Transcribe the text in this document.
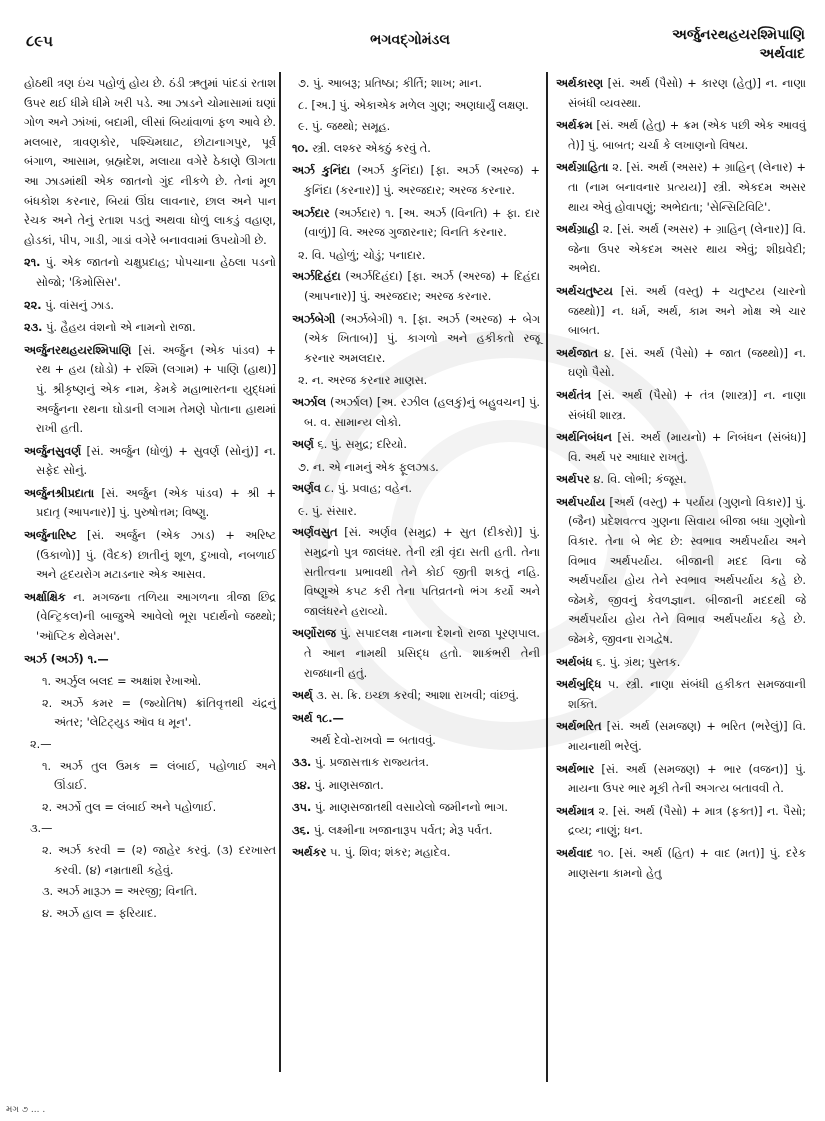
૮૯૫	ભગવદ્ગોમંડલ	અર્જુનરથહયરશ્મિપાણિ
અર્થવાદ
હોઠથી ત્રણ ઇંચ પહોળું હોય છે. ઠંડી ઋતુમાં પાંદડાં રતાશ ઉપર થઈ ધીમે ધીમે ખરી પડે. આ ઝાડને ચોમાસામાં ઘણાં ગોળ અને ઝાંખાં, બદામી, લીસાં બિયાંવાળાં ફળ આવે છે. મલબાર, ત્રાવણકોર, પશ્ચિમઘાટ, છોટાનાગપુર, પૂર્વ બંગાળ, આસામ, બ્રહ્મદેશ, મલાયા વગેરે ઠેકાણે ઊગતા આ ઝાડમાંથી એક જાતનો ગુંદ નીકળે છે. તેનાં મૂળ બંધકોશ કરનાર, બિયાં ઊંઘ લાવનાર, છાલ અને પાન રેચક અને તેનું રતાશ પડતું અથવા ધોળું લાકડું વહાણ, હોડકાં, પીપ, ગાડી, ગાડાં વગેરે બનાવવામાં ઉપયોગી છે.
૨૧. પું. એક જાતનો ચક્ષુપ્રદાહ; પોપચાના હેઠલા પડનો સોજો; 'કિમોસિસ'.
૨૨. પું. વાંસનું ઝાડ.
૨૩. પું. હૈહય વંશનો એ નામનો રાજા.
અર્જુનરથહયરશ્મિપાણિ [સં. અર્જુન (એક પાંડવ) + રથ + હય (ઘોડો) + રશ્મિ (લગામ) + પાણિ (હાથ)] પું. શ્રીકૃષ્ણનું એક નામ, કેમકે મહાભારતના યુદ્ધમાં અર્જુનના રથના ઘોડાની લગામ તેમણે પોતાના હાથમાં રાખી હતી.
અર્જુનસુવર્ણ [સં. અર્જુન (ધોળું) + સુવર્ણ (સોનું)] ન. સફેદ સોનું.
અર્જુનશ્રીપ્રદાતા [સં. અર્જુન (એક પાંડવ) + શ્રી + પ્રદાતૃ (આપનાર)] પું. પુરુષોત્તમ; વિષ્ણુ.
અર્જુનારિષ્ટ [સં. અર્જુન (એક ઝાડ) + અરિષ્ટ (ઉકાળો)] પું. (વૈદક) છાતીનું શૂળ, દુખાવો, નબળાઈ અને હૃદયરોગ મટાડનાર એક આસવ.
અર્ક્ષાક્ષિક ન. મગજના તળિયા આગળના ત્રીજા છિદ્ર (વેન્ટ્રિકલ)ની બાજુએ આવેલો ભૂરા પદાર્થનો જથ્થો; 'ઑપ્ટિક થેલેમસ'.
અર્ઝ (અર્ઝ) ૧.—
૧. અર્ઝુલ બલદ = અક્ષાંશ રેખાઓ.
૨. અર્ઝે કમર = (જ્યોતિષ) ક્રાંતિવૃત્તથી ચંદ્રનું અંતર; 'લેટિટ્યુડ ઑવ ધ મૂન'.
૨.—
૧. અર્ઝ તુલ ઉમક = લંબાઈ, પહોળાઈ અને ઊંડાઈ.
૨. અર્ઝો તુલ = લંબાઈ અને પહોળાઈ.
૩.—
૨. અર્ઝ કરવી = (૨) જાહેર કરવું. (૩) દરખાસ્ત કરવી. (૪) નમ્રતાથી કહેવું.
૩. અર્ઝ મારૂઝ = અરજી; વિનતિ.
૪. અર્ઝે હાલ = ફરિયાદ.
૭. પું. આબરૂ; પ્રતિષ્ઠા; કીર્તિ; શાખ; માન.
૮. [અ.] પું. એકાએક મળેલ ગુણ; અણધાર્યું લક્ષણ.
૯. પું. જથ્થો; સમૂહ.
૧૦. સ્ત્રી. લશ્કર એકઠું કરવું તે.
અર્ઝ કુનિંદા (અર્ઝ કુનિંદા) [ફા. અર્ઝ (અરજ) + કુનિંદા (કરનાર)] પું. અરજદાર; અરજ કરનાર.
અર્ઝદાર (અર્ઝદાર) ૧. [અ. અર્ઝ (વિનતિ) + ફા. દાર (વાળું)] વિ. અરજ ગુજારનાર; વિનતિ કરનાર.
૨. વિ. પહોળું; ચોડું; પનાદાર.
અર્ઝદિહંદા (અર્ઝદિહંદા) [ફા. અર્ઝ (અરજ) + દિહંદા (આપનાર)] પું. અરજદાર; અરજ કરનાર.
અર્ઝબેગી (અર્ઝબેગી) ૧. [ફા. અર્ઝ (અરજ) + બેગ (એક ખિતાબ)] પું. કાગળો અને હકીકતો રજૂ કરનાર અમલદાર.
૨. ન. અરજ કરનાર માણસ.
અર્ઝાલ (અર્ઝાલ) [અ. રઝીલ (હલકું)નું બહુવચન] પું. બ. વ. સામાન્ય લોકો.
અર્ણ ૬. પું. સમુદ્ર; દરિયો.
૭. ન. એ નામનું એક ફૂલઝાડ.
અર્ણવ ૮. પું. પ્રવાહ; વહેન.
૯. પું. સંસાર.
અર્ણવસુત [સં. અર્ણવ (સમુદ્ર) + સુત (દીકરો)] પું. સમુદ્રનો પુત્ર જાલંધર. તેની સ્ત્રી વૃંદા સતી હતી. તેના સતીત્વના પ્રભાવથી તેને કોઈ જીતી શકતું નહિ. વિષ્ણુએ કપટ કરી તેના પતિવ્રતનો ભંગ કર્યો અને જાલંધરને હરાવ્યો.
અર્ણોરાજ પું. સપાદલક્ષ નામના દેશનો રાજા પૂરણપાલ. તે આન નામથી પ્રસિદ્ધ હતો. શાકંભરી તેની રાજધાની હતું.
અર્થ્ ૩. સ. ક્રિ. ઇચ્છા કરવી; આશા રાખવી; વાંછવું.
અર્થ ૧૮.—
અર્થ દેવો-રાખવો = બતાવવું.
૩૩. પું. પ્રજાસત્તાક રાજ્યતંત્ર.
૩૪. પું. માણસજાત.
૩૫. પું. માણસજાતથી વસાયેલો જમીનનો ભાગ.
૩૬. પું. લક્ષ્મીના ખજાનારૂપ પર્વત; મેરૂ પર્વત.
અર્થકર ૫. પું. શિવ; શંકર; મહાદેવ.
અર્થકારણ [સં. અર્થ (પૈસો) + કારણ (હેતુ)] ન. નાણા સંબંધી વ્યવસ્થા.
અર્થક્રમ [સં. અર્થ (હેતુ) + ક્રમ (એક પછી એક આવવું તે)] પું. બાબત; ચર્ચા કે લખાણનો વિષય.
અર્થગ્રાહિતા ૨. [સં. અર્થ (અસર) + ગ્રાહિન્ (લેનાર) + તા (નામ બનાવનાર પ્રત્યય)] સ્ત્રી. એકદમ અસર થાય એવું હોવાપણું; અભેદ્યતા; 'સેન્સિટિવિટિ'.
અર્થગ્રાહી ૨. [સં. અર્થ (અસર) + ગ્રાહિન્ (લેનાર)] વિ. જેના ઉપર એકદમ અસર થાય એવું; શીઘ્રવેદી; અભેદ્ય.
અર્થચતુષ્ટય [સં. અર્થ (વસ્તુ) + ચતુષ્ટય (ચારનો જથ્થો)] ન. ધર્મ, અર્થ, કામ અને મોક્ષ એ ચાર બાબત.
અર્થજાત ૪. [સં. અર્થ (પૈસો) + જાત (જથ્થો)] ન. ઘણો પૈસો.
અર્થતંત્ર [સં. અર્થ (પૈસો) + તંત્ર (શાસ્ત્ર)] ન. નાણા સંબંધી શાસ્ત્ર.
અર્થનિબંધન [સં. અર્થ (માયનો) + નિબંધન (સંબંધ)] વિ. અર્થ પર આધાર રાખતું.
અર્થપર ૪. વિ. લોભી; કંજૂસ.
અર્થપર્યાય [અર્થ (વસ્તુ) + પર્યાય (ગુણનો વિકાર)] પું. (જૈન) પ્રદેશવત્ત્વ ગુણના સિવાય બીજા બધા ગુણોનો વિકાર. તેના બે ભેદ છે: સ્વભાવ અર્થપર્યાય અને વિભાવ અર્થપર્યાય. બીજાની મદદ વિના જે અર્થપર્યાય હોય તેને સ્વભાવ અર્થપર્યાય કહે છે. જેમકે, જીવનું કેવળજ્ઞાન. બીજાની મદદથી જે અર્થપર્યાય હોય તેને વિભાવ અર્થપર્યાય કહે છે. જેમકે, જીવના રાગદ્વેષ.
અર્થબંધ ૬. પું. ગ્રંથ; પુસ્તક.
અર્થબુદ્ધિ ૫. સ્ત્રી. નાણા સંબંધી હકીકત સમજવાની શક્તિ.
અર્થભરિત [સં. અર્થ (સમજણ) + ભરિત (ભરેલું)] વિ. માયનાથી ભરેલું.
અર્થભાર [સં. અર્થ (સમજણ) + ભાર (વજન)] પું. માયના ઉપર ભાર મૂકી તેની અગત્ય બતાવવી તે.
અર્થમાત્ર ૨. [સં. અર્થ (પૈસો) + માત્ર (ફક્ત)] ન. પૈસો; દ્રવ્ય; નાણું; ધન.
અર્થવાદ ૧૦. [સં. અર્થ (હિત) + વાદ (મત)] પું. દરેક માણસના કામનો હેતુ
મગ ૭ ... .
